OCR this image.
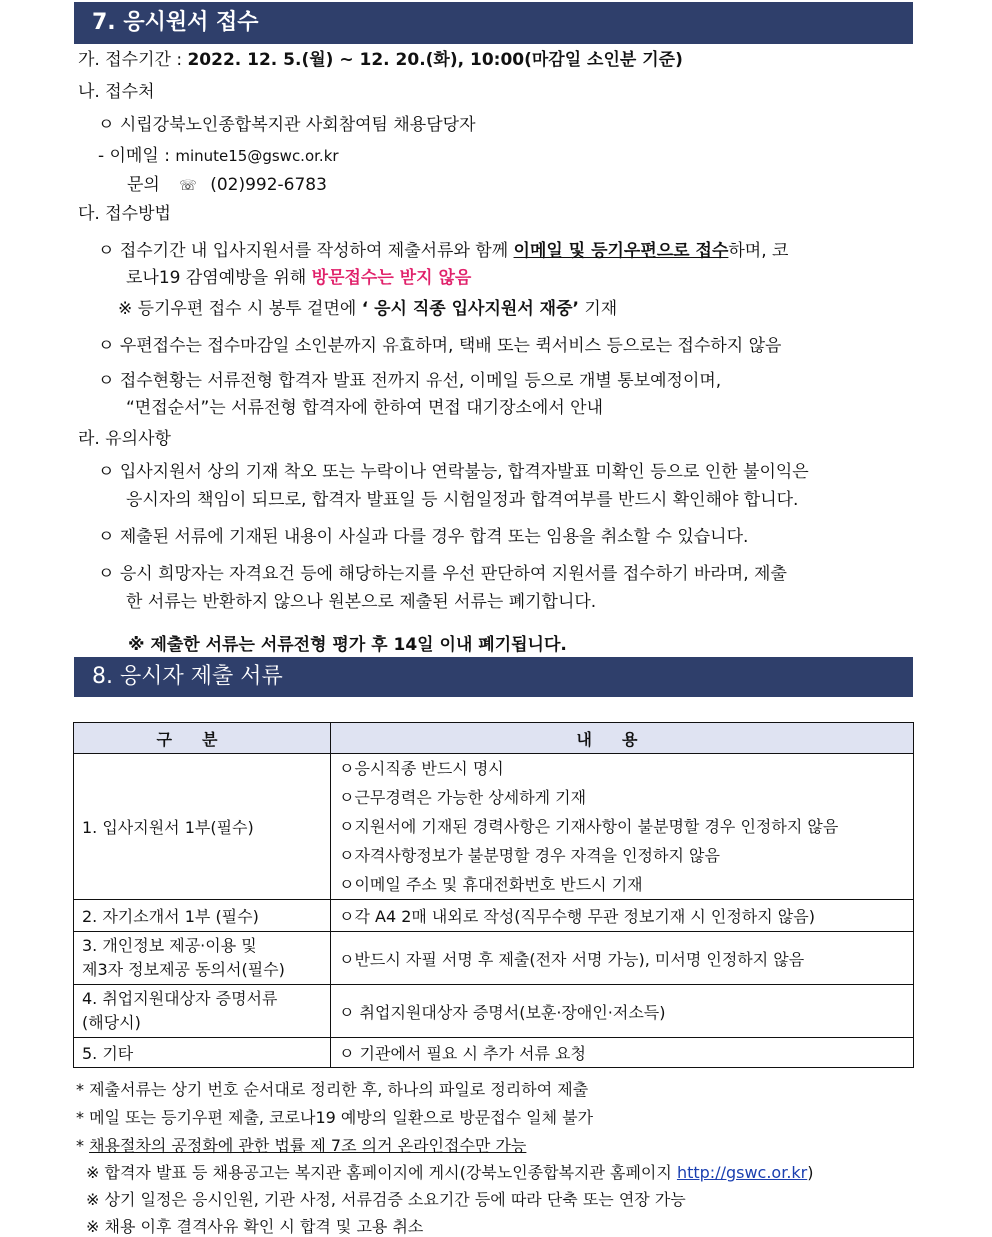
7. 응시원서 접수
가. 접수기간 : 2022. 12. 5.(월) ~ 12. 20.(화), 10:00(마감일 소인분 기준)
나. 접수처
ㅇ 시립강북노인종합복지관 사회참여팀 채용담당자
- 이메일 : minute15@gswc.or.kr
문의 ☏ (02)992-6783
다. 접수방법
ㅇ 접수기간 내 입사지원서를 작성하여 제출서류와 함께 이메일 및 등기우편으로 접수하며, 코
로나19 감염예방을 위해 방문접수는 받지 않음
※ 등기우편 접수 시 봉투 겉면에 ‘ 응시 직종 입사지원서 재중’ 기재
ㅇ 우편접수는 접수마감일 소인분까지 유효하며, 택배 또는 퀵서비스 등으로는 접수하지 않음
ㅇ 접수현황는 서류전형 합격자 발표 전까지 유선, 이메일 등으로 개별 통보예정이며,
“면접순서”는 서류전형 합격자에 한하여 면접 대기장소에서 안내
라. 유의사항
ㅇ 입사지원서 상의 기재 착오 또는 누락이나 연락불능, 합격자발표 미확인 등으로 인한 불이익은
응시자의 책임이 되므로, 합격자 발표일 등 시험일정과 합격여부를 반드시 확인해야 합니다.
ㅇ 제출된 서류에 기재된 내용이 사실과 다를 경우 합격 또는 임용을 취소할 수 있습니다.
ㅇ 응시 희망자는 자격요건 등에 해당하는지를 우선 판단하여 지원서를 접수하기 바라며, 제출
한 서류는 반환하지 않으나 원본으로 제출된 서류는 폐기합니다.
※ 제출한 서류는 서류전형 평가 후 14일 이내 폐기됩니다.
8. 응시자 제출 서류
구분	내용
1. 입사지원서 1부(필수)	ㅇ응시직종 반드시 명시
ㅇ근무경력은 가능한 상세하게 기재
ㅇ지원서에 기재된 경력사항은 기재사항이 불분명할 경우 인정하지 않음
ㅇ자격사항정보가 불분명할 경우 자격을 인정하지 않음
ㅇ이메일 주소 및 휴대전화번호 반드시 기재

2. 자기소개서 1부 (필수)	ㅇ각 A4 2매 내외로 작성(직무수행 무관 정보기재 시 인정하지 않음)

3. 개인정보 제공·이용 및
제3자 정보제공 동의서(필수)	ㅇ반드시 자필 서명 후 제출(전자 서명 가능), 미서명 인정하지 않음

4. 취업지원대상자 증명서류
(해당시)	ㅇ 취업지원대상자 증명서(보훈·장애인·저소득)
5. 기타	ㅇ 기관에서 필요 시 추가 서류 요청
* 제출서류는 상기 번호 순서대로 정리한 후, 하나의 파일로 정리하여 제출
* 메일 또는 등기우편 제출, 코로나19 예방의 일환으로 방문접수 일체 불가
* 채용절차의 공정화에 관한 법률 제 7조 의거 온라인접수만 가능
※ 합격자 발표 등 채용공고는 복지관 홈페이지에 게시(강북노인종합복지관 홈페이지 http://gswc.or.kr)
※ 상기 일정은 응시인원, 기관 사정, 서류검증 소요기간 등에 따라 단축 또는 연장 가능
※ 채용 이후 결격사유 확인 시 합격 및 고용 취소
